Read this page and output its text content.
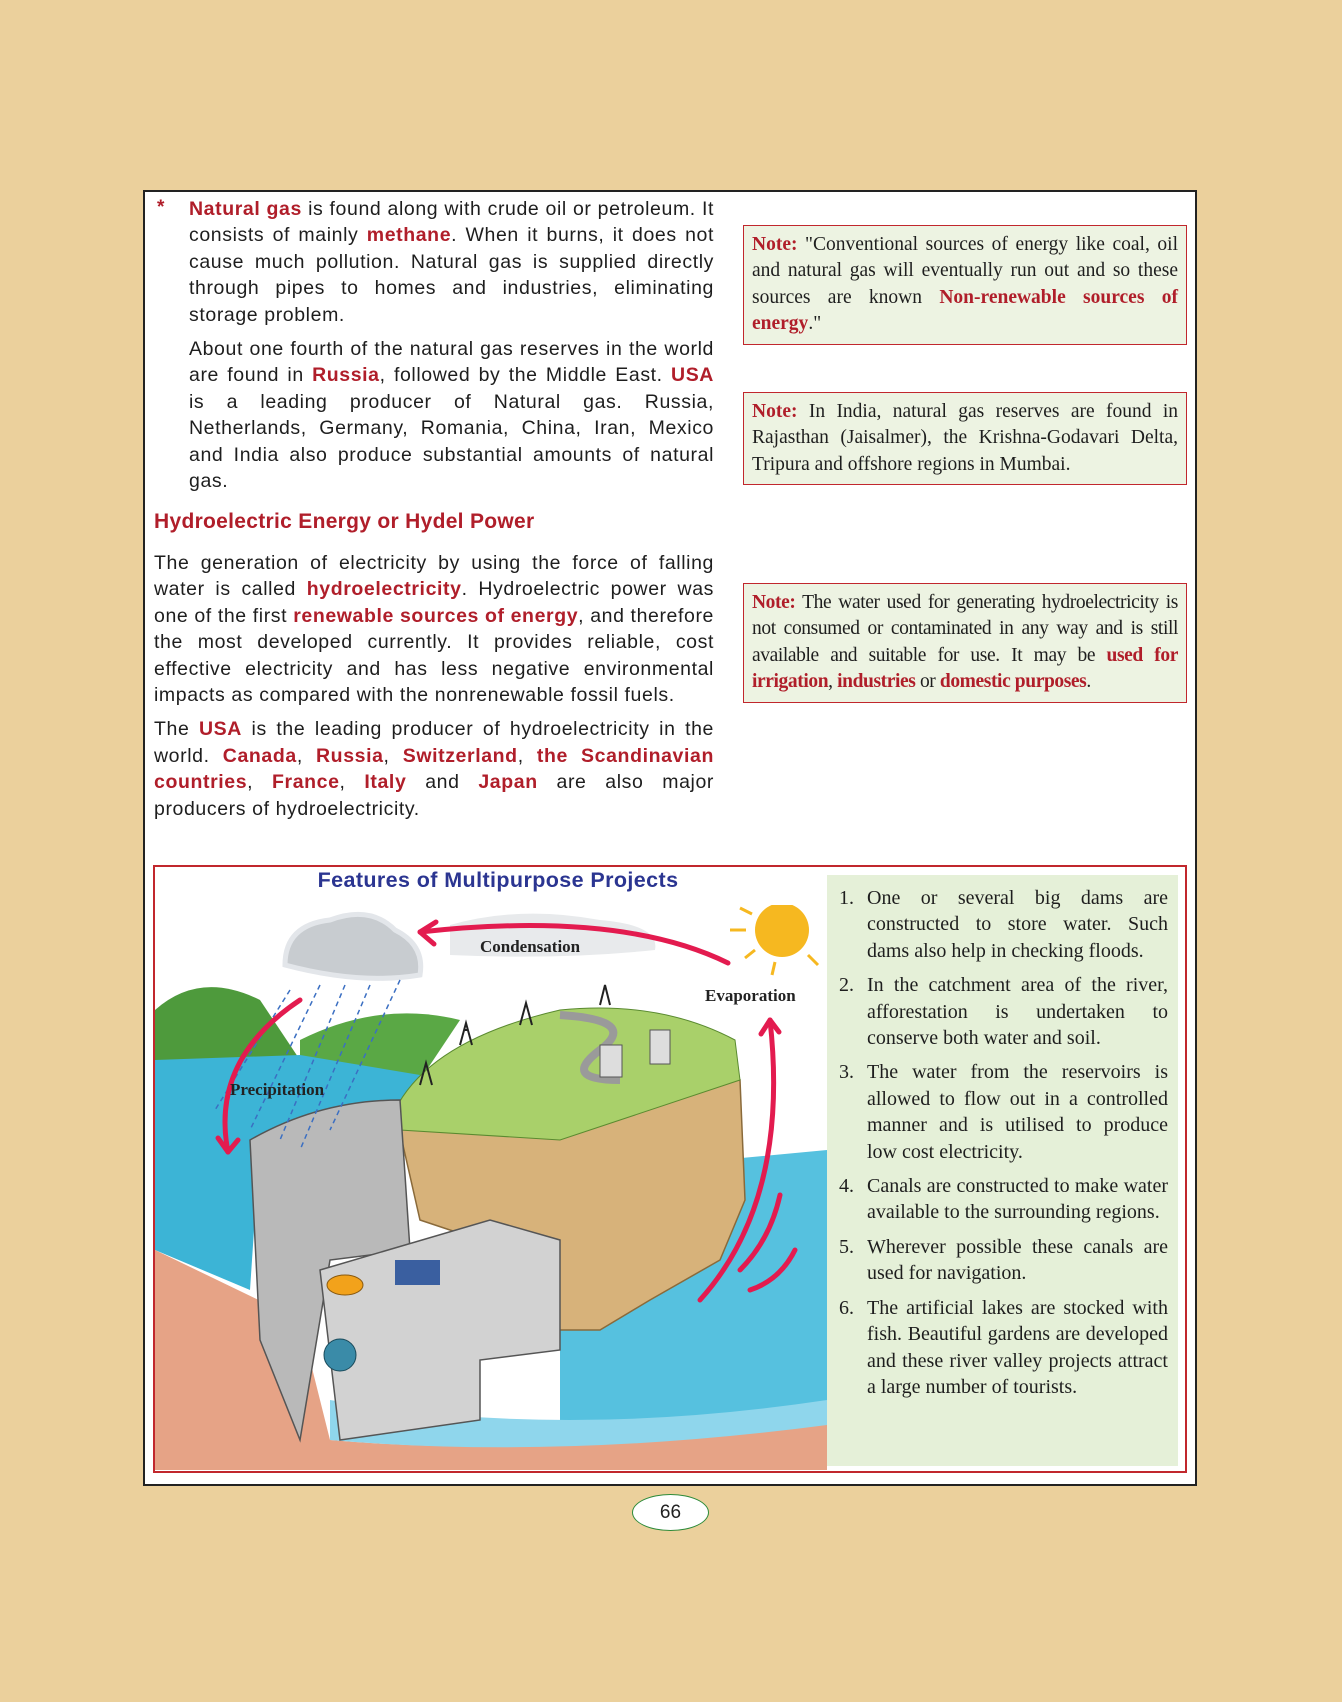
*	Natural gas is found along with crude oil or petroleum. It consists of mainly methane. When it burns, it does not cause much pollution. Natural gas is supplied directly through pipes to homes and industries, eliminating storage problem.

About one fourth of the natural gas reserves in the world are found in Russia, followed by the Middle East. USA is a leading producer of Natural gas. Russia, Netherlands, Germany, Romania, China, Iran, Mexico and India also produce substantial amounts of natural gas.

Hydroelectric Energy or Hydel Power

The generation of electricity by using the force of falling water is called hydroelectricity. Hydroelectric power was one of the first renewable sources of energy, and therefore the most developed currently. It provides reliable, cost effective electricity and has less negative environmental impacts as compared with the nonrenewable fossil fuels.

The USA is the leading producer of hydroelectricity in the world. Canada, Russia, Switzerland, the Scandinavian countries, France, Italy and Japan are also major producers of hydroelectricity.

Note: "Conventional sources of energy like coal, oil and natural gas will eventually run out and so these sources are known Non-renewable sources of energy."
Note: In India, natural gas reserves are found in Rajasthan (Jaisalmer), the Krishna-Godavari Delta, Tripura and offshore regions in Mumbai.
Note: The water used for generating hydroelectricity is not consumed or contaminated in any way and is still available and suitable for use. It may be used for irrigation, industries or domestic purposes.
Features of Multipurpose Projects
Condensation
Evaporation
Precipitation
1. One or several big dams are constructed to store water. Such dams also help in checking floods.
2. In the catchment area of the river, afforestation is undertaken to conserve both water and soil.
3. The water from the reservoirs is allowed to flow out in a controlled manner and is utilised to produce low cost electricity.
4. Canals are constructed to make water available to the surrounding regions.
5. Wherever possible these canals are used for navigation.
6. The artificial lakes are stocked with fish. Beautiful gardens are developed and these river valley projects attract a large number of tourists.
66
